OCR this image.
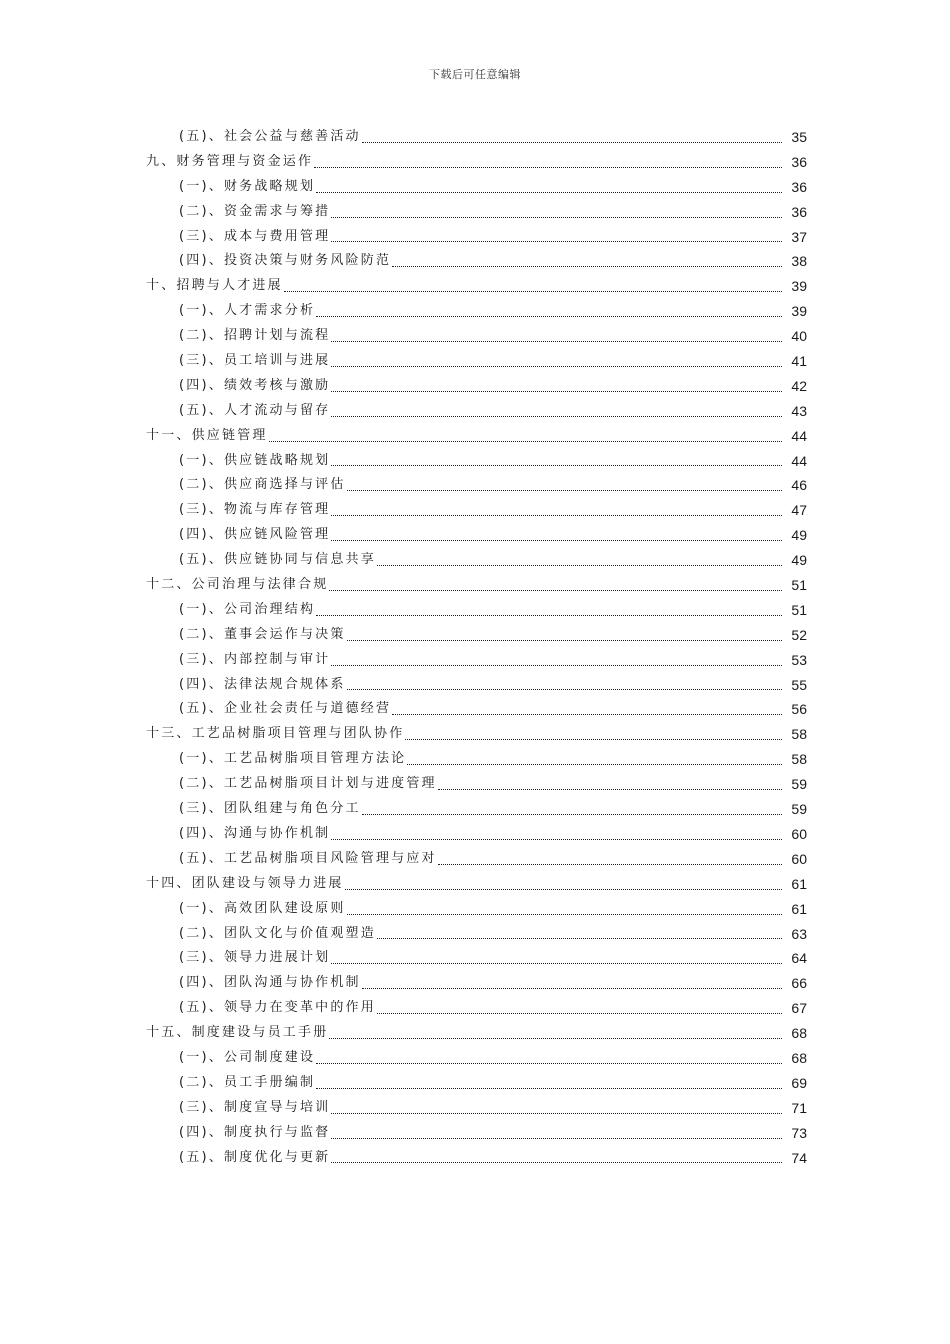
下载后可任意编辑
(五)、社会公益与慈善活动	35
九、财务管理与资金运作	36
(一)、财务战略规划	36
(二)、资金需求与筹措	36
(三)、成本与费用管理	37
(四)、投资决策与财务风险防范	38
十、招聘与人才进展	39
(一)、人才需求分析	39
(二)、招聘计划与流程	40
(三)、员工培训与进展	41
(四)、绩效考核与激励	42
(五)、人才流动与留存	43
十一、供应链管理	44
(一)、供应链战略规划	44
(二)、供应商选择与评估	46
(三)、物流与库存管理	47
(四)、供应链风险管理	49
(五)、供应链协同与信息共享	49
十二、公司治理与法律合规	51
(一)、公司治理结构	51
(二)、董事会运作与决策	52
(三)、内部控制与审计	53
(四)、法律法规合规体系	55
(五)、企业社会责任与道德经营	56
十三、工艺品树脂项目管理与团队协作	58
(一)、工艺品树脂项目管理方法论	58
(二)、工艺品树脂项目计划与进度管理	59
(三)、团队组建与角色分工	59
(四)、沟通与协作机制	60
(五)、工艺品树脂项目风险管理与应对	60
十四、团队建设与领导力进展	61
(一)、高效团队建设原则	61
(二)、团队文化与价值观塑造	63
(三)、领导力进展计划	64
(四)、团队沟通与协作机制	66
(五)、领导力在变革中的作用	67
十五、制度建设与员工手册	68
(一)、公司制度建设	68
(二)、员工手册编制	69
(三)、制度宣导与培训	71
(四)、制度执行与监督	73
(五)、制度优化与更新	74
